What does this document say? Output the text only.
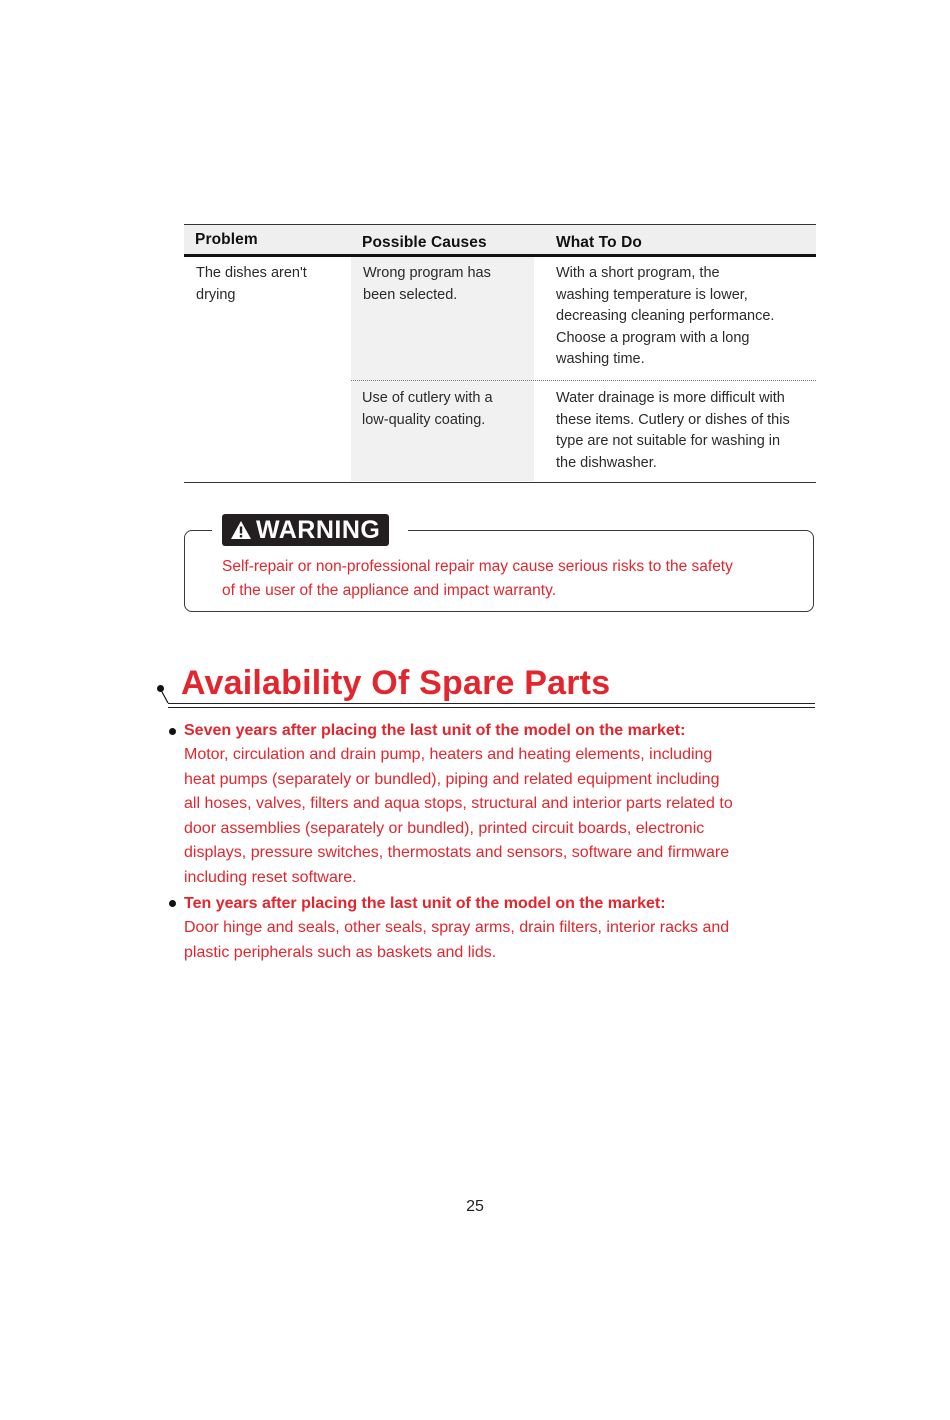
Problem	Possible Causes	What To Do
The dishes aren't
drying
Wrong program has
been selected.
With a short program, the
washing temperature is lower,
decreasing cleaning performance.
Choose a program with a long
washing time.
Use of cutlery with a
low-quality coating.
Water drainage is more difficult with
these items. Cutlery or dishes of this
type are not suitable for washing in
the dishwasher.
WARNING
Self-repair or non-professional repair may cause serious risks to the safety
of the user of the appliance and impact warranty.
Availability Of Spare Parts
Seven years after placing the last unit of the model on the market:
Motor, circulation and drain pump, heaters and heating elements, including
heat pumps (separately or bundled), piping and related equipment including
all hoses, valves, filters and aqua stops, structural and interior parts related to
door assemblies (separately or bundled), printed circuit boards, electronic
displays, pressure switches, thermostats and sensors, software and firmware
including reset software.
Ten years after placing the last unit of the model on the market:
Door hinge and seals, other seals, spray arms, drain filters, interior racks and
plastic peripherals such as baskets and lids.
25
